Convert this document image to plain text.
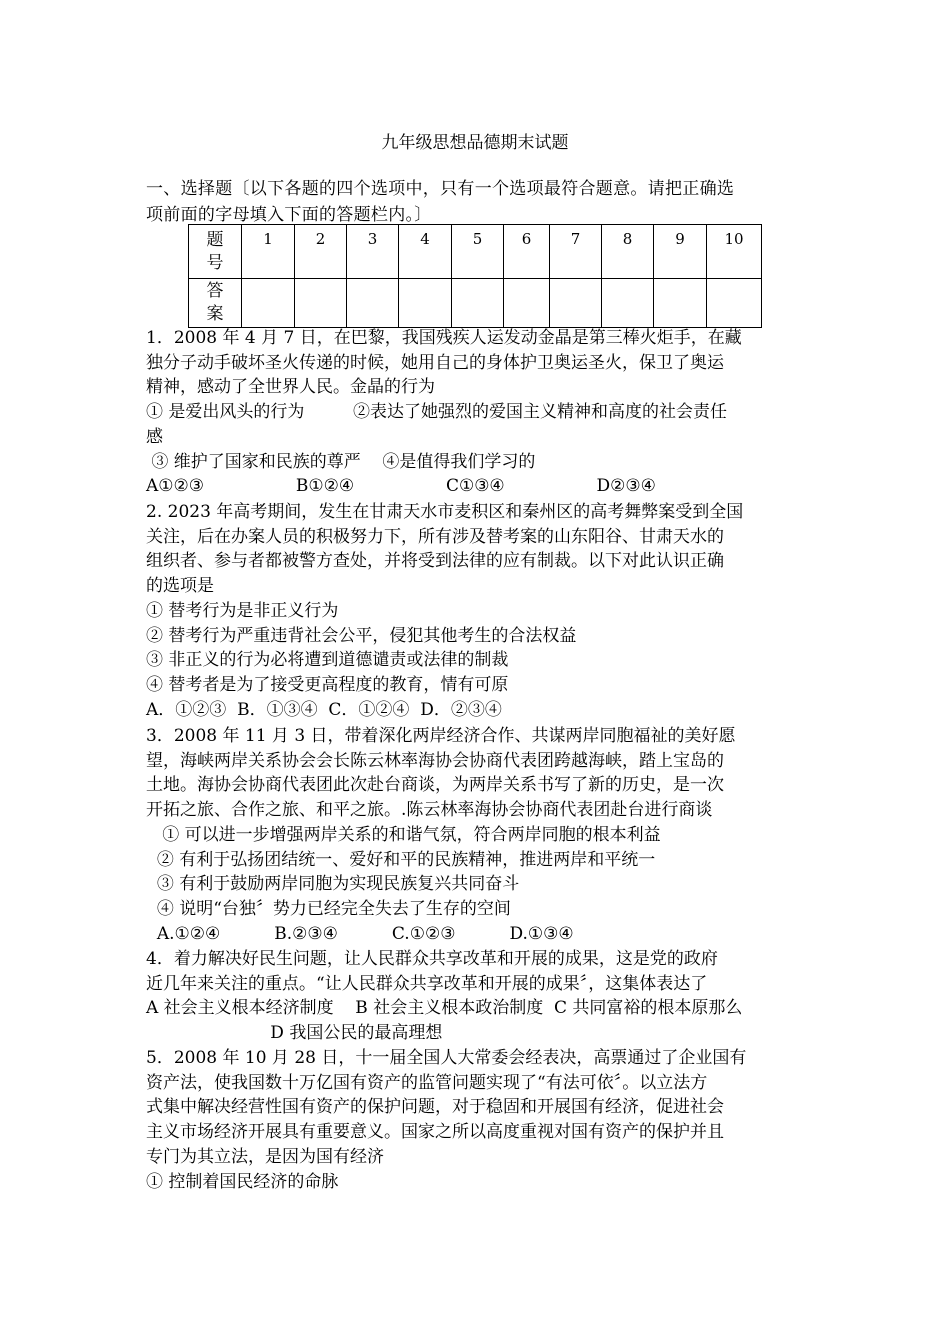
九年级思想品德期末试题
一、选择题〔以下各题的四个选项中，只有一个选项最符合题意。请把正确选
项前面的字母填入下面的答题栏内。〕
题
号	1	2	3	4	5	6	7	8	9	10

答
案										

1．2008 年 4 月 7 日，在巴黎，我国残疾人运发动金晶是第三棒火炬手，在藏

独分子动手破坏圣火传递的时候，她用自己的身体护卫奥运圣火，保卫了奥运

精神，感动了全世界人民。金晶的行为

① 是爱出风头的行为         ②表达了她强烈的爱国主义精神和高度的社会责任

感

③ 维护了国家和民族的尊严    ④是值得我们学习的

A①②③                 B①②④                 C①③④                 D②③④

2. 2023 年高考期间，发生在甘肃天水市麦积区和秦州区的高考舞弊案受到全国

关注，后在办案人员的积极努力下，所有涉及替考案的山东阳谷、甘肃天水的

组织者、参与者都被警方查处，并将受到法律的应有制裁。以下对此认识正确

的选项是

① 替考行为是非正义行为

② 替考行为严重违背社会公平，侵犯其他考生的合法权益

③ 非正义的行为必将遭到道德谴责或法律的制裁

④ 替考者是为了接受更高程度的教育，情有可原

A．①②③  B．①③④  C．①②④  D．②③④

3．2008 年 11 月 3 日，带着深化两岸经济合作、共谋两岸同胞福祉的美好愿

望，海峡两岸关系协会会长陈云林率海协会协商代表团跨越海峡，踏上宝岛的

土地。海协会协商代表团此次赴台商谈，为两岸关系书写了新的历史，是一次

开拓之旅、合作之旅、和平之旅。.陈云林率海协会协商代表团赴台进行商谈

① 可以进一步增强两岸关系的和谐气氛，符合两岸同胞的根本利益

② 有利于弘扬团结统一、爱好和平的民族精神，推进两岸和平统一

③ 有利于鼓励两岸同胞为实现民族复兴共同奋斗

④ 说明“台独〞势力已经完全失去了生存的空间

A.①②④          B.②③④          C.①②③          D.①③④

4．着力解决好民生问题，让人民群众共享改革和开展的成果，这是党的政府

近几年来关注的重点。“让人民群众共享改革和开展的成果〞，这集体表达了

A 社会主义根本经济制度    B 社会主义根本政治制度  C 共同富裕的根本原那么

D 我国公民的最高理想

5．2008 年 10 月 28 日，十一届全国人大常委会经表决，高票通过了企业国有

资产法，使我国数十万亿国有资产的监管问题实现了“有法可依〞。以立法方

式集中解决经营性国有资产的保护问题，对于稳固和开展国有经济，促进社会

主义市场经济开展具有重要意义。国家之所以高度重视对国有资产的保护并且

专门为其立法，是因为国有经济

① 控制着国民经济的命脉
